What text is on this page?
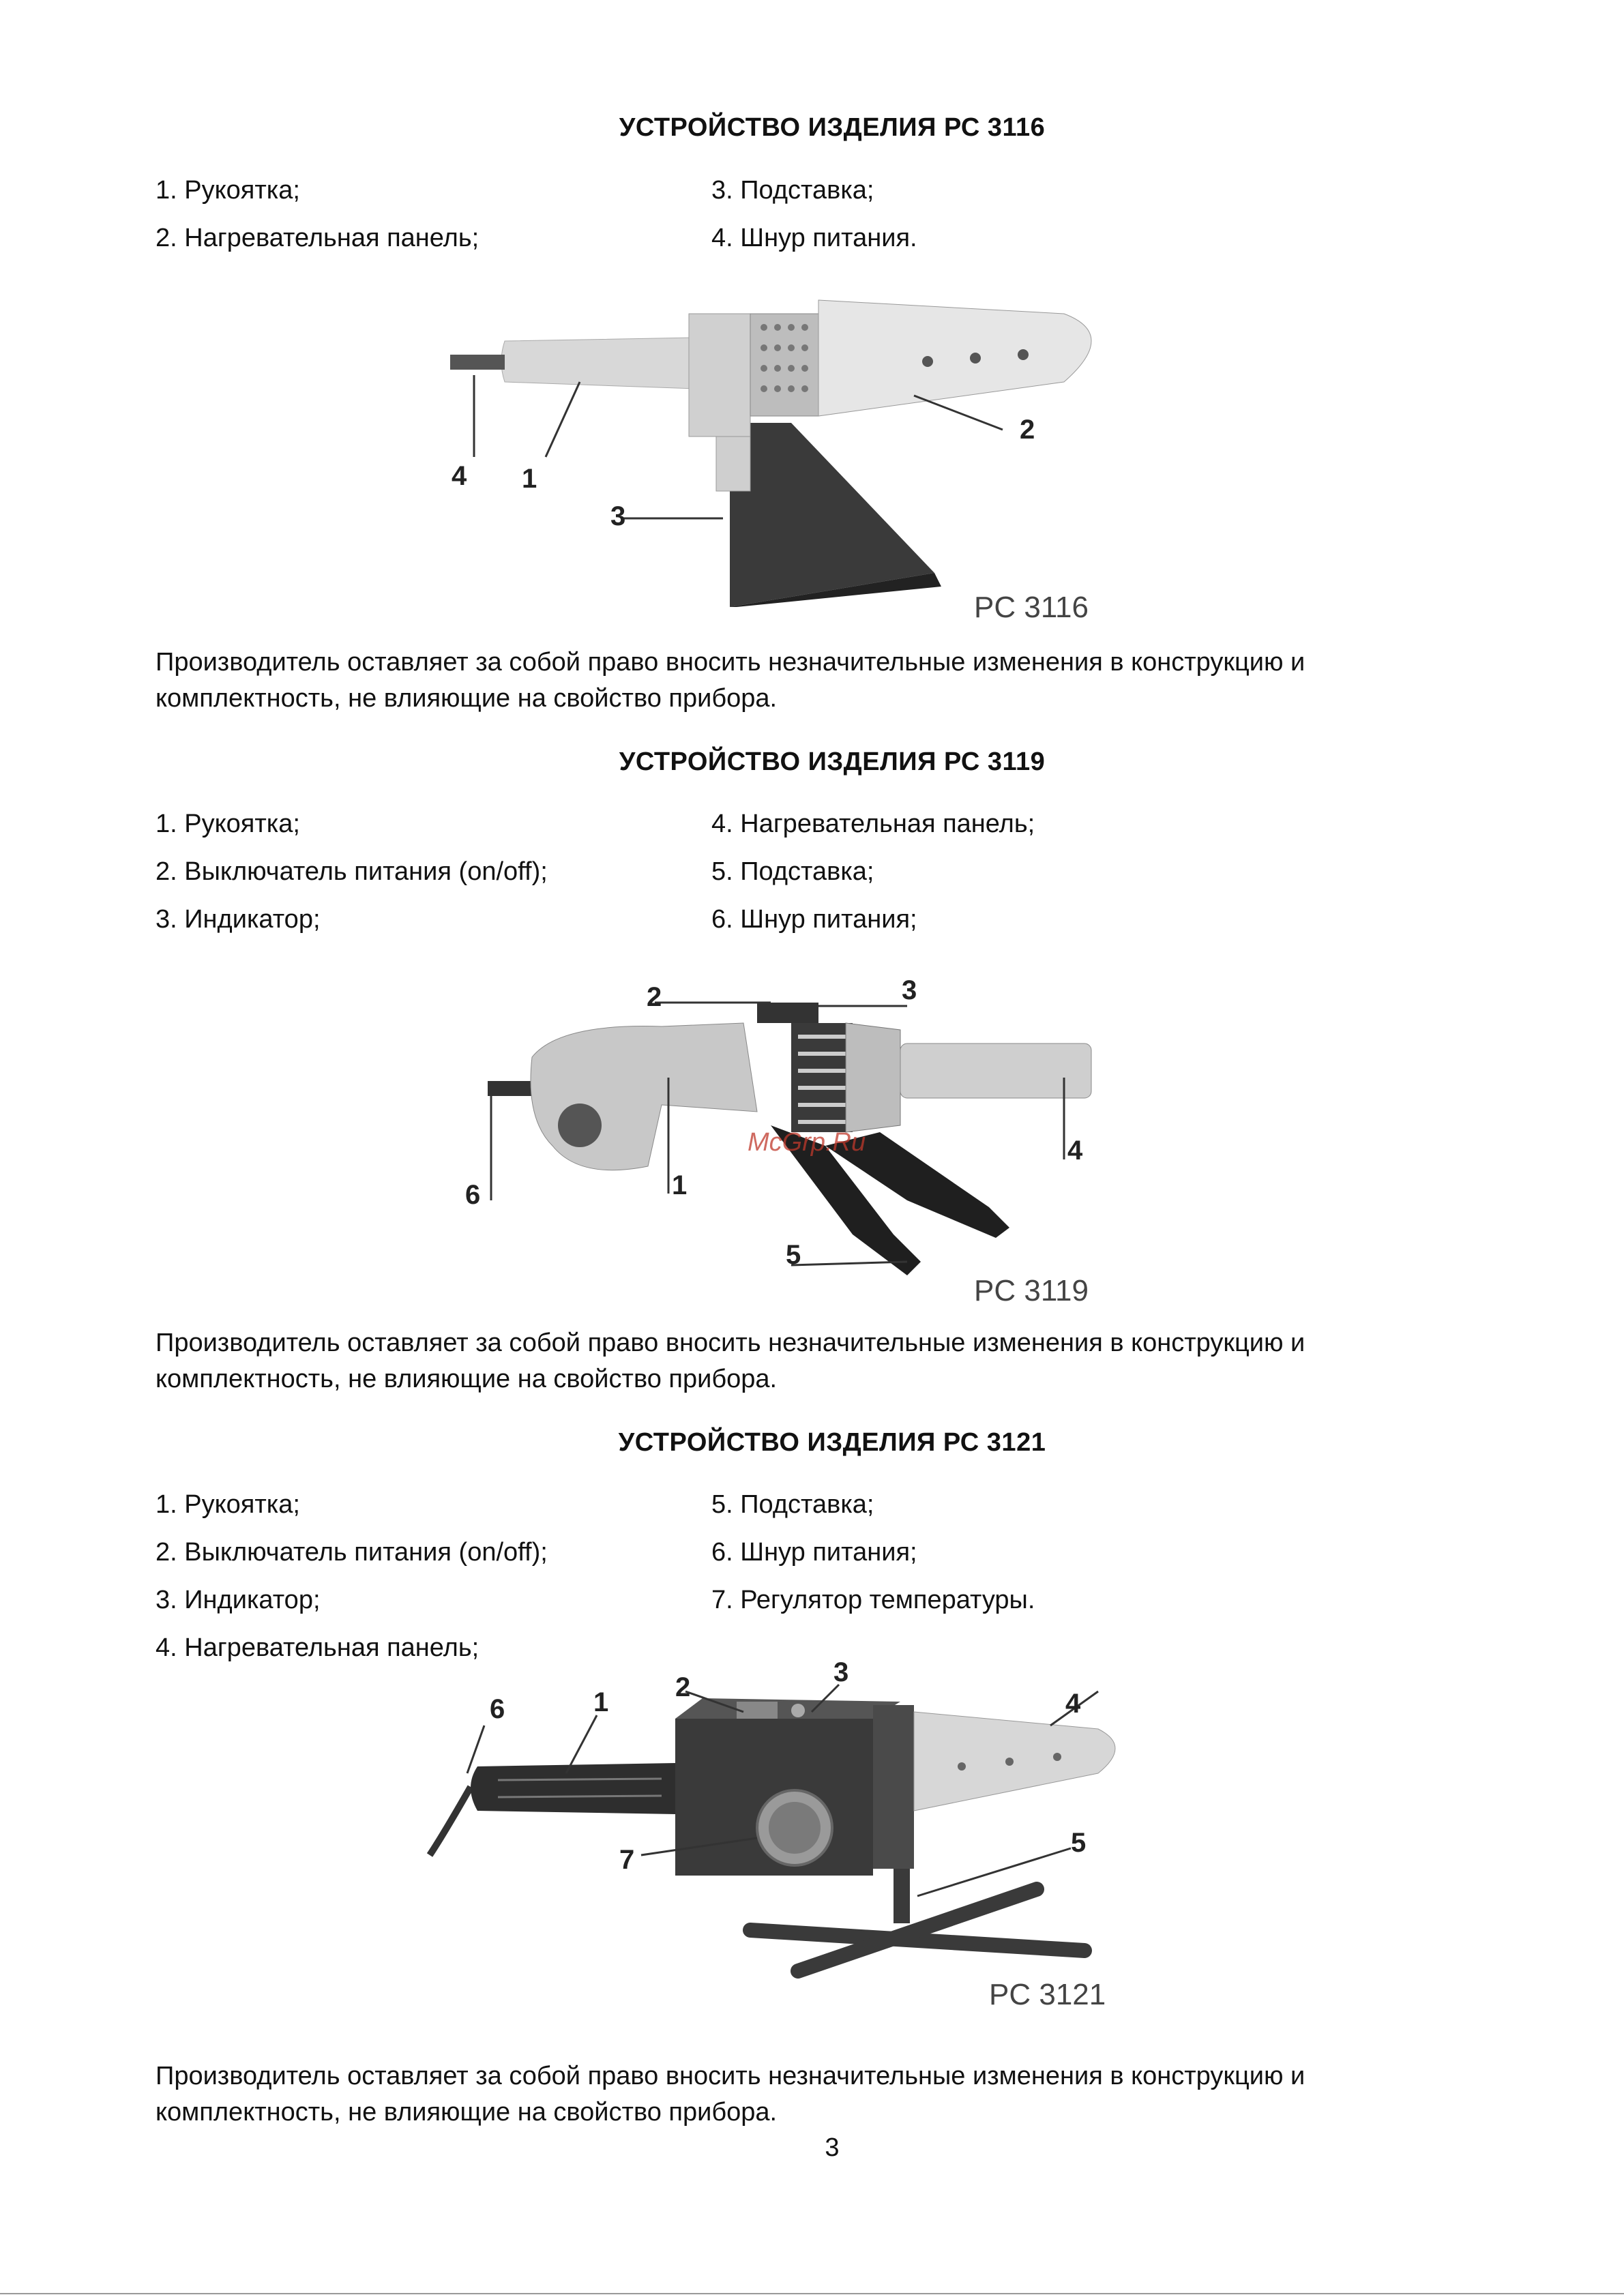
УСТРОЙСТВО ИЗДЕЛИЯ РС 3116
1. Рукоятка;
2. Нагревательная панель;
3. Подставка;
4. Шнур питания.
4 1
2
3
PC 3116
Производитель оставляет за собой право вносить незначительные изменения в конструкцию и
комплектность, не влияющие на свойство прибора.
УСТРОЙСТВО ИЗДЕЛИЯ РС 3119
1. Рукоятка;
2. Выключатель питания (on/off);
3. Индикатор;
4. Нагревательная панель;
5. Подставка;
6. Шнур питания;
2	3
1
4
5
6
McGrp.Ru
PC 3119
Производитель оставляет за собой право вносить незначительные изменения в конструкцию и
комплектность, не влияющие на свойство прибора.
УСТРОЙСТВО ИЗДЕЛИЯ РС 3121
1. Рукоятка;
2. Выключатель питания (on/off);
3. Индикатор;
4. Нагревательная панель;
5. Подставка;
6. Шнур питания;
7. Регулятор температуры.
6	1 2	3
4
7
5
PC 3121
Производитель оставляет за собой право вносить незначительные изменения в конструкцию и
комплектность, не влияющие на свойство прибора.
3
